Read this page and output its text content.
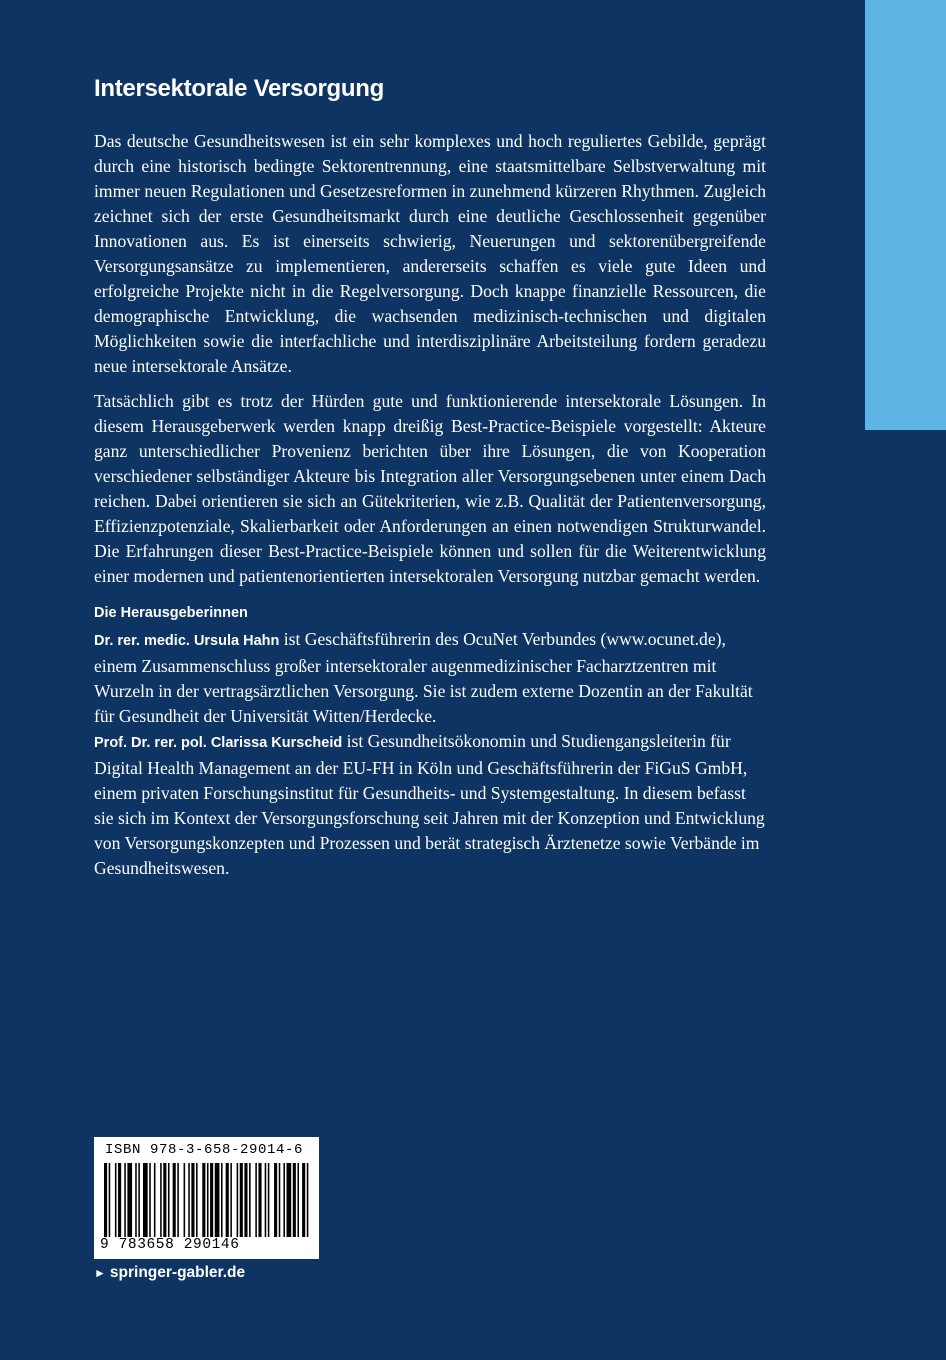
Intersektorale Versorgung

Das deutsche Gesundheitswesen ist ein sehr komplexes und hoch reguliertes Gebilde, geprägt durch eine historisch bedingte Sektorentrennung, eine staatsmittelbare Selbstverwaltung mit immer neuen Regulationen und Gesetzesreformen in zunehmend kürzeren Rhythmen. Zugleich zeichnet sich der erste Gesundheitsmarkt durch eine deutliche Geschlossenheit gegenüber Innovationen aus. Es ist einerseits schwierig, Neuerungen und sektorenübergreifende Versorgungsansätze zu implementieren, andererseits schaffen es viele gute Ideen und erfolgreiche Projekte nicht in die Regelversorgung. Doch knappe finanzielle Ressourcen, die demographische Entwicklung, die wachsenden medizinisch-technischen und digitalen Möglichkeiten sowie die interfachliche und interdisziplinäre Arbeitsteilung fordern geradezu neue intersektorale Ansätze.

Tatsächlich gibt es trotz der Hürden gute und funktionierende intersektorale Lösungen. In diesem Herausgeberwerk werden knapp dreißig Best-Practice-Beispiele vorgestellt: Akteure ganz unterschiedlicher Provenienz berichten über ihre Lösungen, die von Kooperation verschiedener selbständiger Akteure bis Integration aller Versorgungsebenen unter einem Dach reichen. Dabei orientieren sie sich an Gütekriterien, wie z.B. Qualität der Patientenversorgung, Effizienzpotenziale, Skalierbarkeit oder Anforderungen an einen notwendigen Strukturwandel. Die Erfahrungen dieser Best-Practice-Beispiele können und sollen für die Weiterentwicklung einer modernen und patientenorientierten intersektoralen Versorgung nutzbar gemacht werden.

Die Herausgeberinnen

Dr. rer. medic. Ursula Hahn ist Geschäftsführerin des OcuNet Verbundes (www.ocunet.de), einem Zusammenschluss großer intersektoraler augenmedizinischer Facharztzentren mit Wurzeln in der vertragsärztlichen Versorgung. Sie ist zudem externe Dozentin an der Fakultät für Gesundheit der Universität Witten/Herdecke.

Prof. Dr. rer. pol. Clarissa Kurscheid ist Gesundheitsökonomin und Studiengangsleiterin für Digital Health Management an der EU-FH in Köln und Geschäftsführerin der FiGuS GmbH, einem privaten Forschungsinstitut für Gesundheits- und Systemgestaltung. In diesem befasst sie sich im Kontext der Versorgungsforschung seit Jahren mit der Konzeption und Entwicklung von Versorgungskonzepten und Prozessen und berät strategisch Ärztenetze sowie Verbände im Gesundheitswesen.

ISBN 978-3-658-29014-6
9 783658 290146
► springer-gabler.de
